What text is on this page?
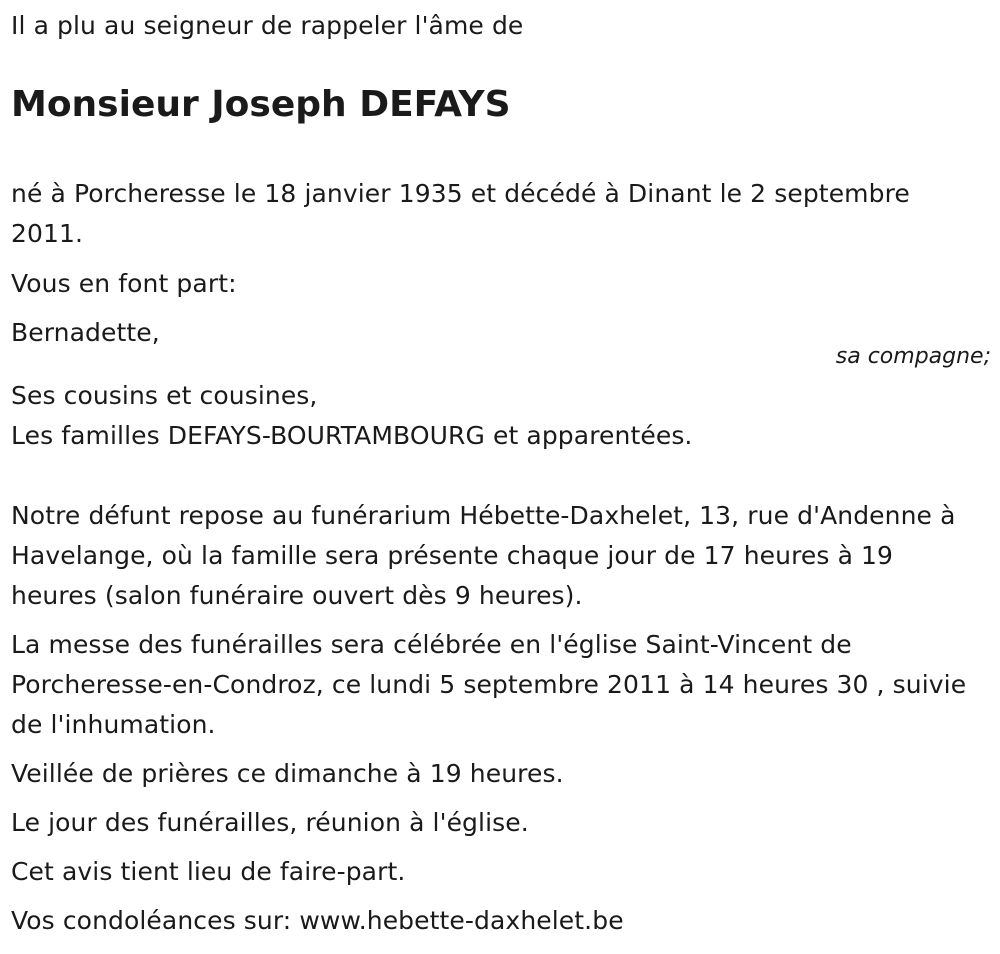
Il a plu au seigneur de rappeler l'âme de

Monsieur Joseph DEFAYS

né à Porcheresse le 18 janvier 1935 et décédé à Dinant le 2 septembre 2011.

Vous en font part:

Bernadette,

sa compagne;

Ses cousins et cousines,

Les familles DEFAYS-BOURTAMBOURG et apparentées.

Notre défunt repose au funérarium Hébette-Daxhelet, 13, rue d'Andenne à Havelange, où la famille sera présente chaque jour de 17 heures à 19 heures (salon funéraire ouvert dès 9 heures).

La messe des funérailles sera célébrée en l'église Saint-Vincent de Porcheresse-en-Condroz, ce lundi 5 septembre 2011 à 14 heures 30 , suivie de l'inhumation.

Veillée de prières ce dimanche à 19 heures.

Le jour des funérailles, réunion à l'église.

Cet avis tient lieu de faire-part.

Vos condoléances sur: www.hebette-daxhelet.be
